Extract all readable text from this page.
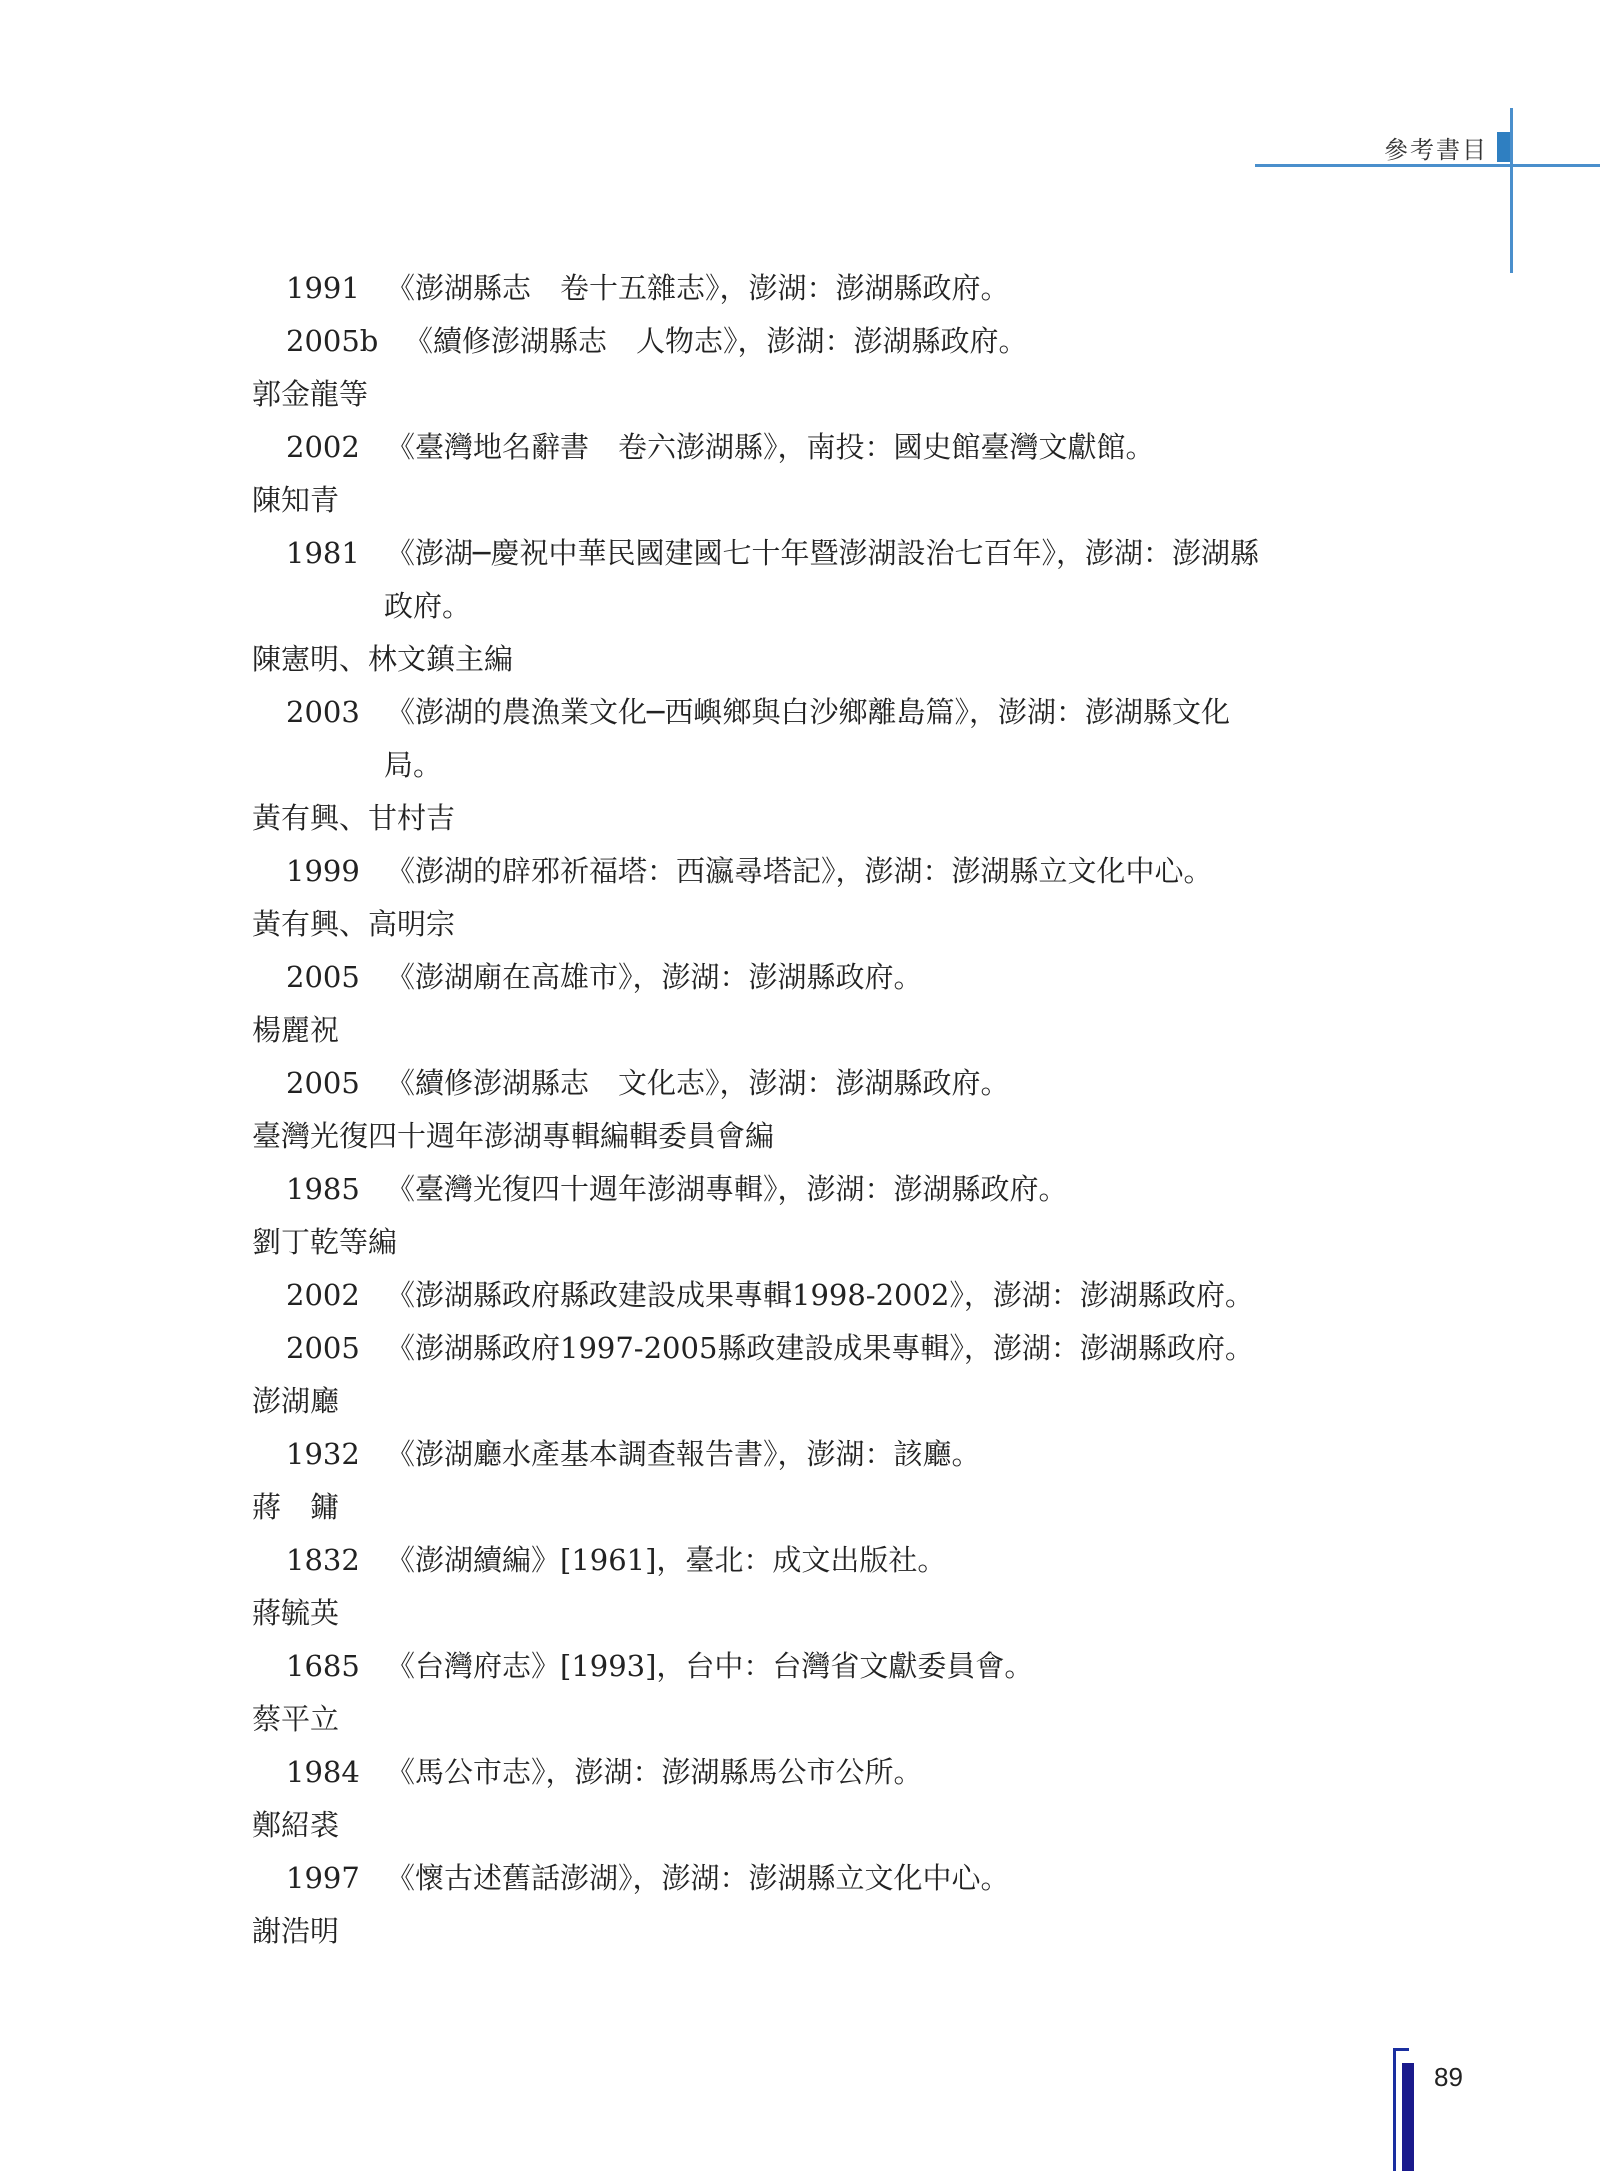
參考書目
1991 《澎湖縣志　卷十五雜志》，澎湖：澎湖縣政府。
2005b 《續修澎湖縣志　人物志》，澎湖：澎湖縣政府。
郭金龍等
2002 《臺灣地名辭書　卷六澎湖縣》，南投：國史館臺灣文獻館。
陳知青
1981 《澎湖─慶祝中華民國建國七十年暨澎湖設治七百年》，澎湖：澎湖縣
政府。
陳憲明、林文鎮主編
2003 《澎湖的農漁業文化─西嶼鄉與白沙鄉離島篇》，澎湖：澎湖縣文化
局。
黃有興、甘村吉
1999 《澎湖的辟邪祈福塔：西瀛尋塔記》，澎湖：澎湖縣立文化中心。
黃有興、高明宗
2005 《澎湖廟在高雄市》，澎湖：澎湖縣政府。
楊麗祝
2005 《續修澎湖縣志　文化志》，澎湖：澎湖縣政府。
臺灣光復四十週年澎湖專輯編輯委員會編
1985 《臺灣光復四十週年澎湖專輯》，澎湖：澎湖縣政府。
劉丁乾等編
2002 《澎湖縣政府縣政建設成果專輯1998-2002》，澎湖：澎湖縣政府。
2005 《澎湖縣政府1997-2005縣政建設成果專輯》，澎湖：澎湖縣政府。
澎湖廳
1932 《澎湖廳水產基本調查報告書》，澎湖：該廳。
蔣　鏞
1832 《澎湖續編》[1961]，臺北：成文出版社。
蔣毓英
1685 《台灣府志》[1993]，台中：台灣省文獻委員會。
蔡平立
1984 《馬公市志》，澎湖：澎湖縣馬公市公所。
鄭紹裘
1997 《懷古述舊話澎湖》，澎湖：澎湖縣立文化中心。
謝浩明
89
